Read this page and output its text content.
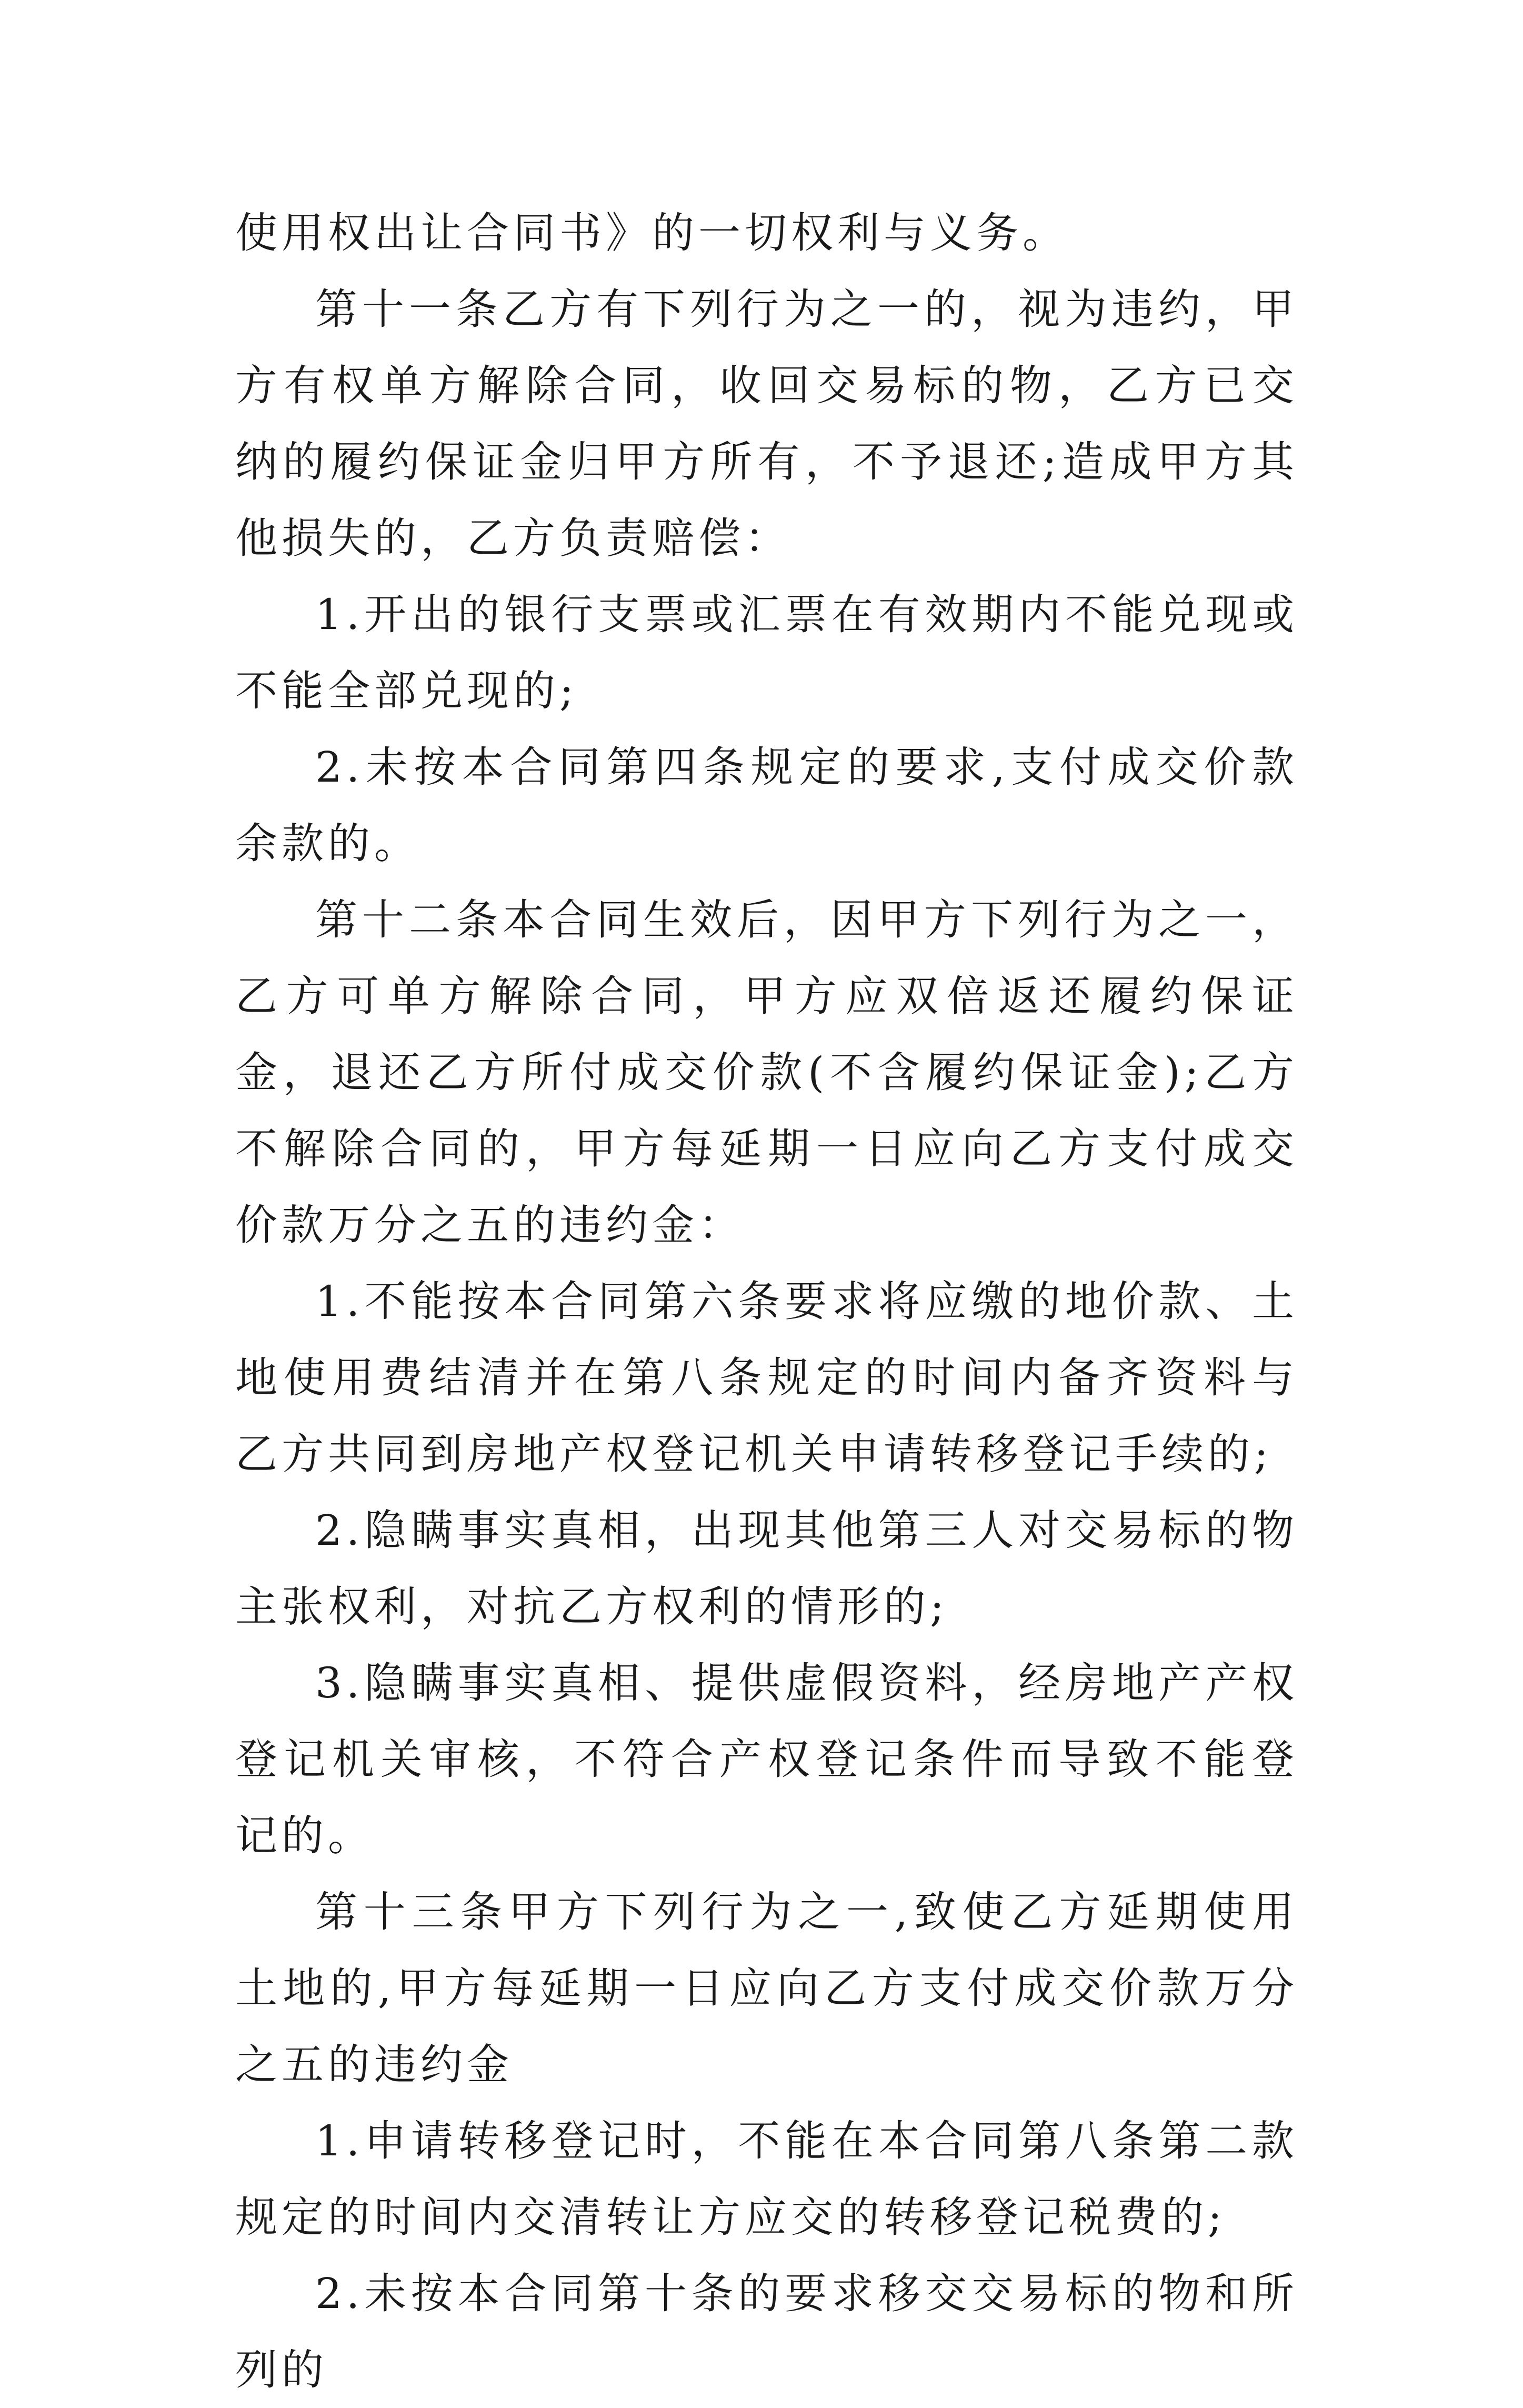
使用权出让合同书》的一切权利与义务。

第十一条乙方有下列行为之一的，视为违约，甲方有权单方解除合同，收回交易标的物，乙方已交纳的履约保证金归甲方所有，不予退还;造成甲方其他损失的，乙方负责赔偿：

1.开出的银行支票或汇票在有效期内不能兑现或不能全部兑现的;

2.未按本合同第四条规定的要求,支付成交价款余款的。

第十二条本合同生效后，因甲方下列行为之一，乙方可单方解除合同，甲方应双倍返还履约保证金，退还乙方所付成交价款(不含履约保证金);乙方不解除合同的，甲方每延期一日应向乙方支付成交价款万分之五的违约金：

1.不能按本合同第六条要求将应缴的地价款、土地使用费结清并在第八条规定的时间内备齐资料与乙方共同到房地产权登记机关申请转移登记手续的;

2.隐瞒事实真相，出现其他第三人对交易标的物主张权利，对抗乙方权利的情形的;

3.隐瞒事实真相、提供虚假资料，经房地产产权登记机关审核，不符合产权登记条件而导致不能登记的。

第十三条甲方下列行为之一,致使乙方延期使用土地的,甲方每延期一日应向乙方支付成交价款万分之五的违约金

1.申请转移登记时，不能在本合同第八条第二款规定的时间内交清转让方应交的转移登记税费的;

2.未按本合同第十条的要求移交交易标的物和所列的
